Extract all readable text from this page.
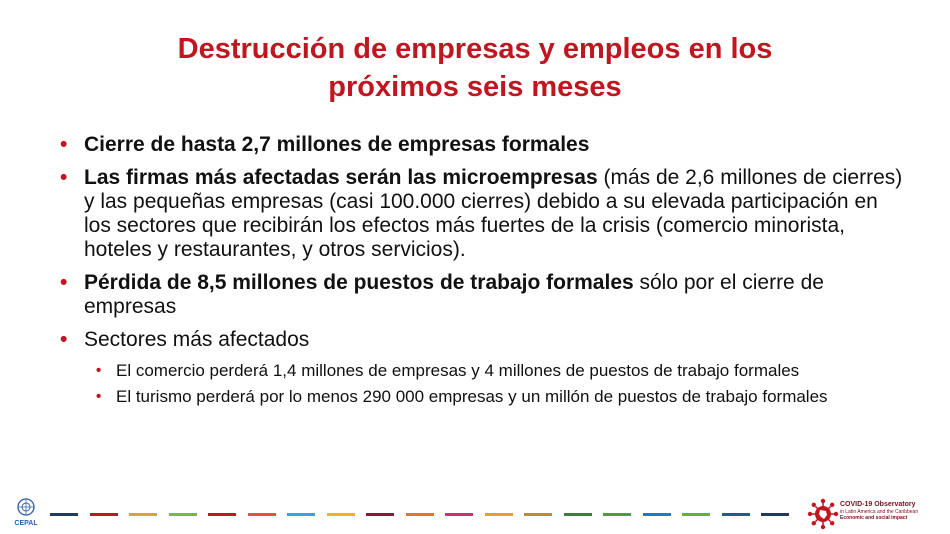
Destrucción de empresas y empleos en los
próximos seis meses
• Cierre de hasta 2,7 millones de empresas formales
• Las firmas más afectadas serán las microempresas (más de 2,6 millones de cierres) y las pequeñas empresas (casi 100.000 cierres) debido a su elevada participación en los sectores que recibirán los efectos más fuertes de la crisis (comercio minorista, hoteles y restaurantes, y otros servicios).
• Pérdida de 8,5 millones de puestos de trabajo formales sólo por el cierre de empresas
• Sectores más afectados
• El comercio perderá 1,4 millones de empresas y 4 millones de puestos de trabajo formales
• El turismo perderá por lo menos 290 000 empresas y un millón de puestos de trabajo formales
CEPAL
COVID-19 Observatory
in Latin America and the Caribbean
Economic and social impact
